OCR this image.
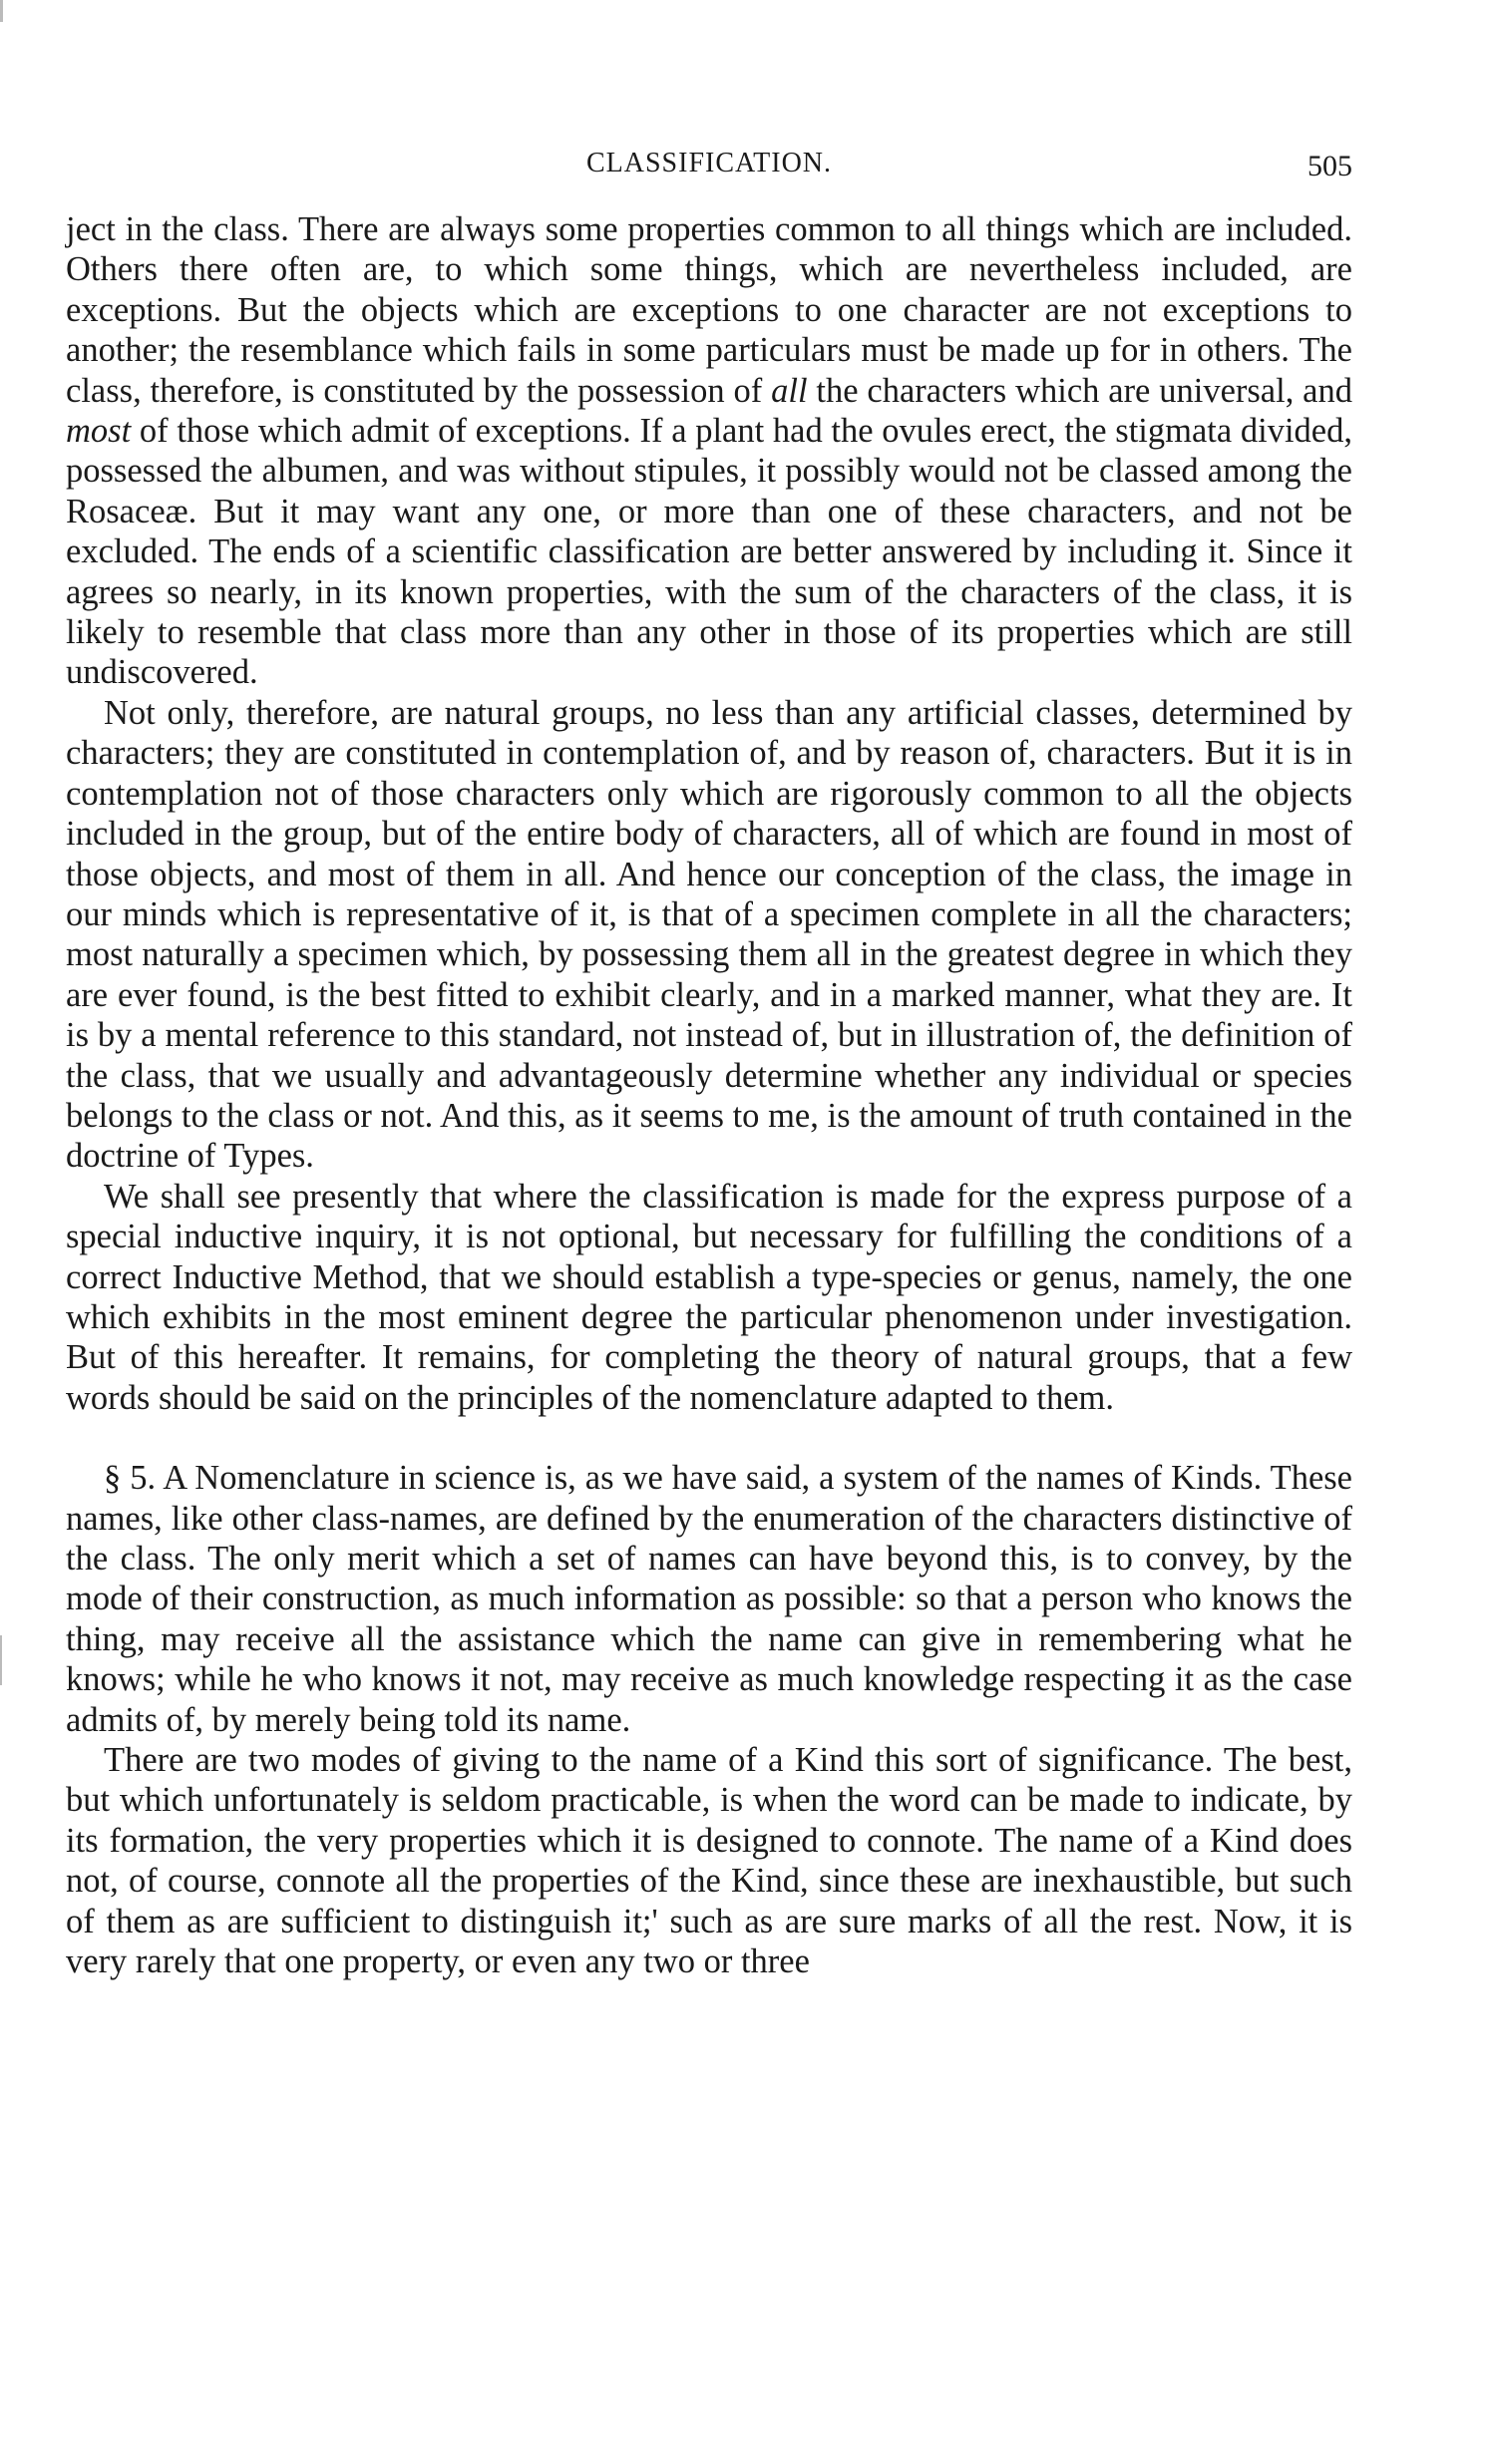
CLASSIFICATION.	505

ject in the class. There are always some properties common to all things which are included. Others there often are, to which some things, which are nevertheless included, are exceptions. But the objects which are exceptions to one character are not exceptions to another; the resemblance which fails in some particulars must be made up for in others. The class, therefore, is constituted by the possession of all the characters which are universal, and most of those which admit of exceptions. If a plant had the ovules erect, the stigmata divided, possessed the albumen, and was without stipules, it possibly would not be classed among the Rosaceæ. But it may want any one, or more than one of these characters, and not be excluded. The ends of a scientific classification are better answered by including it. Since it agrees so nearly, in its known properties, with the sum of the characters of the class, it is likely to resemble that class more than any other in those of its properties which are still undiscovered.

Not only, therefore, are natural groups, no less than any artificial classes, determined by characters; they are constituted in contemplation of, and by reason of, characters. But it is in contemplation not of those characters only which are rigorously common to all the objects included in the group, but of the entire body of characters, all of which are found in most of those objects, and most of them in all. And hence our conception of the class, the image in our minds which is representative of it, is that of a specimen complete in all the characters; most naturally a specimen which, by possessing them all in the greatest degree in which they are ever found, is the best fitted to exhibit clearly, and in a marked manner, what they are. It is by a mental reference to this standard, not instead of, but in illustration of, the definition of the class, that we usually and advantageously determine whether any individual or species belongs to the class or not. And this, as it seems to me, is the amount of truth contained in the doctrine of Types.

We shall see presently that where the classification is made for the express purpose of a special inductive inquiry, it is not optional, but necessary for fulfilling the conditions of a correct Inductive Method, that we should establish a type-species or genus, namely, the one which exhibits in the most eminent degree the particular phenomenon under investigation. But of this hereafter. It remains, for completing the theory of natural groups, that a few words should be said on the principles of the nomenclature adapted to them.

§ 5. A Nomenclature in science is, as we have said, a system of the names of Kinds. These names, like other class-names, are defined by the enumeration of the characters distinctive of the class. The only merit which a set of names can have beyond this, is to convey, by the mode of their construction, as much information as possible: so that a person who knows the thing, may receive all the assistance which the name can give in remembering what he knows; while he who knows it not, may receive as much knowledge respecting it as the case admits of, by merely being told its name.

There are two modes of giving to the name of a Kind this sort of significance. The best, but which unfortunately is seldom practicable, is when the word can be made to indicate, by its formation, the very properties which it is designed to connote. The name of a Kind does not, of course, connote all the properties of the Kind, since these are inexhaustible, but such of them as are sufficient to distinguish it;' such as are sure marks of all the rest. Now, it is very rarely that one property, or even any two or three
